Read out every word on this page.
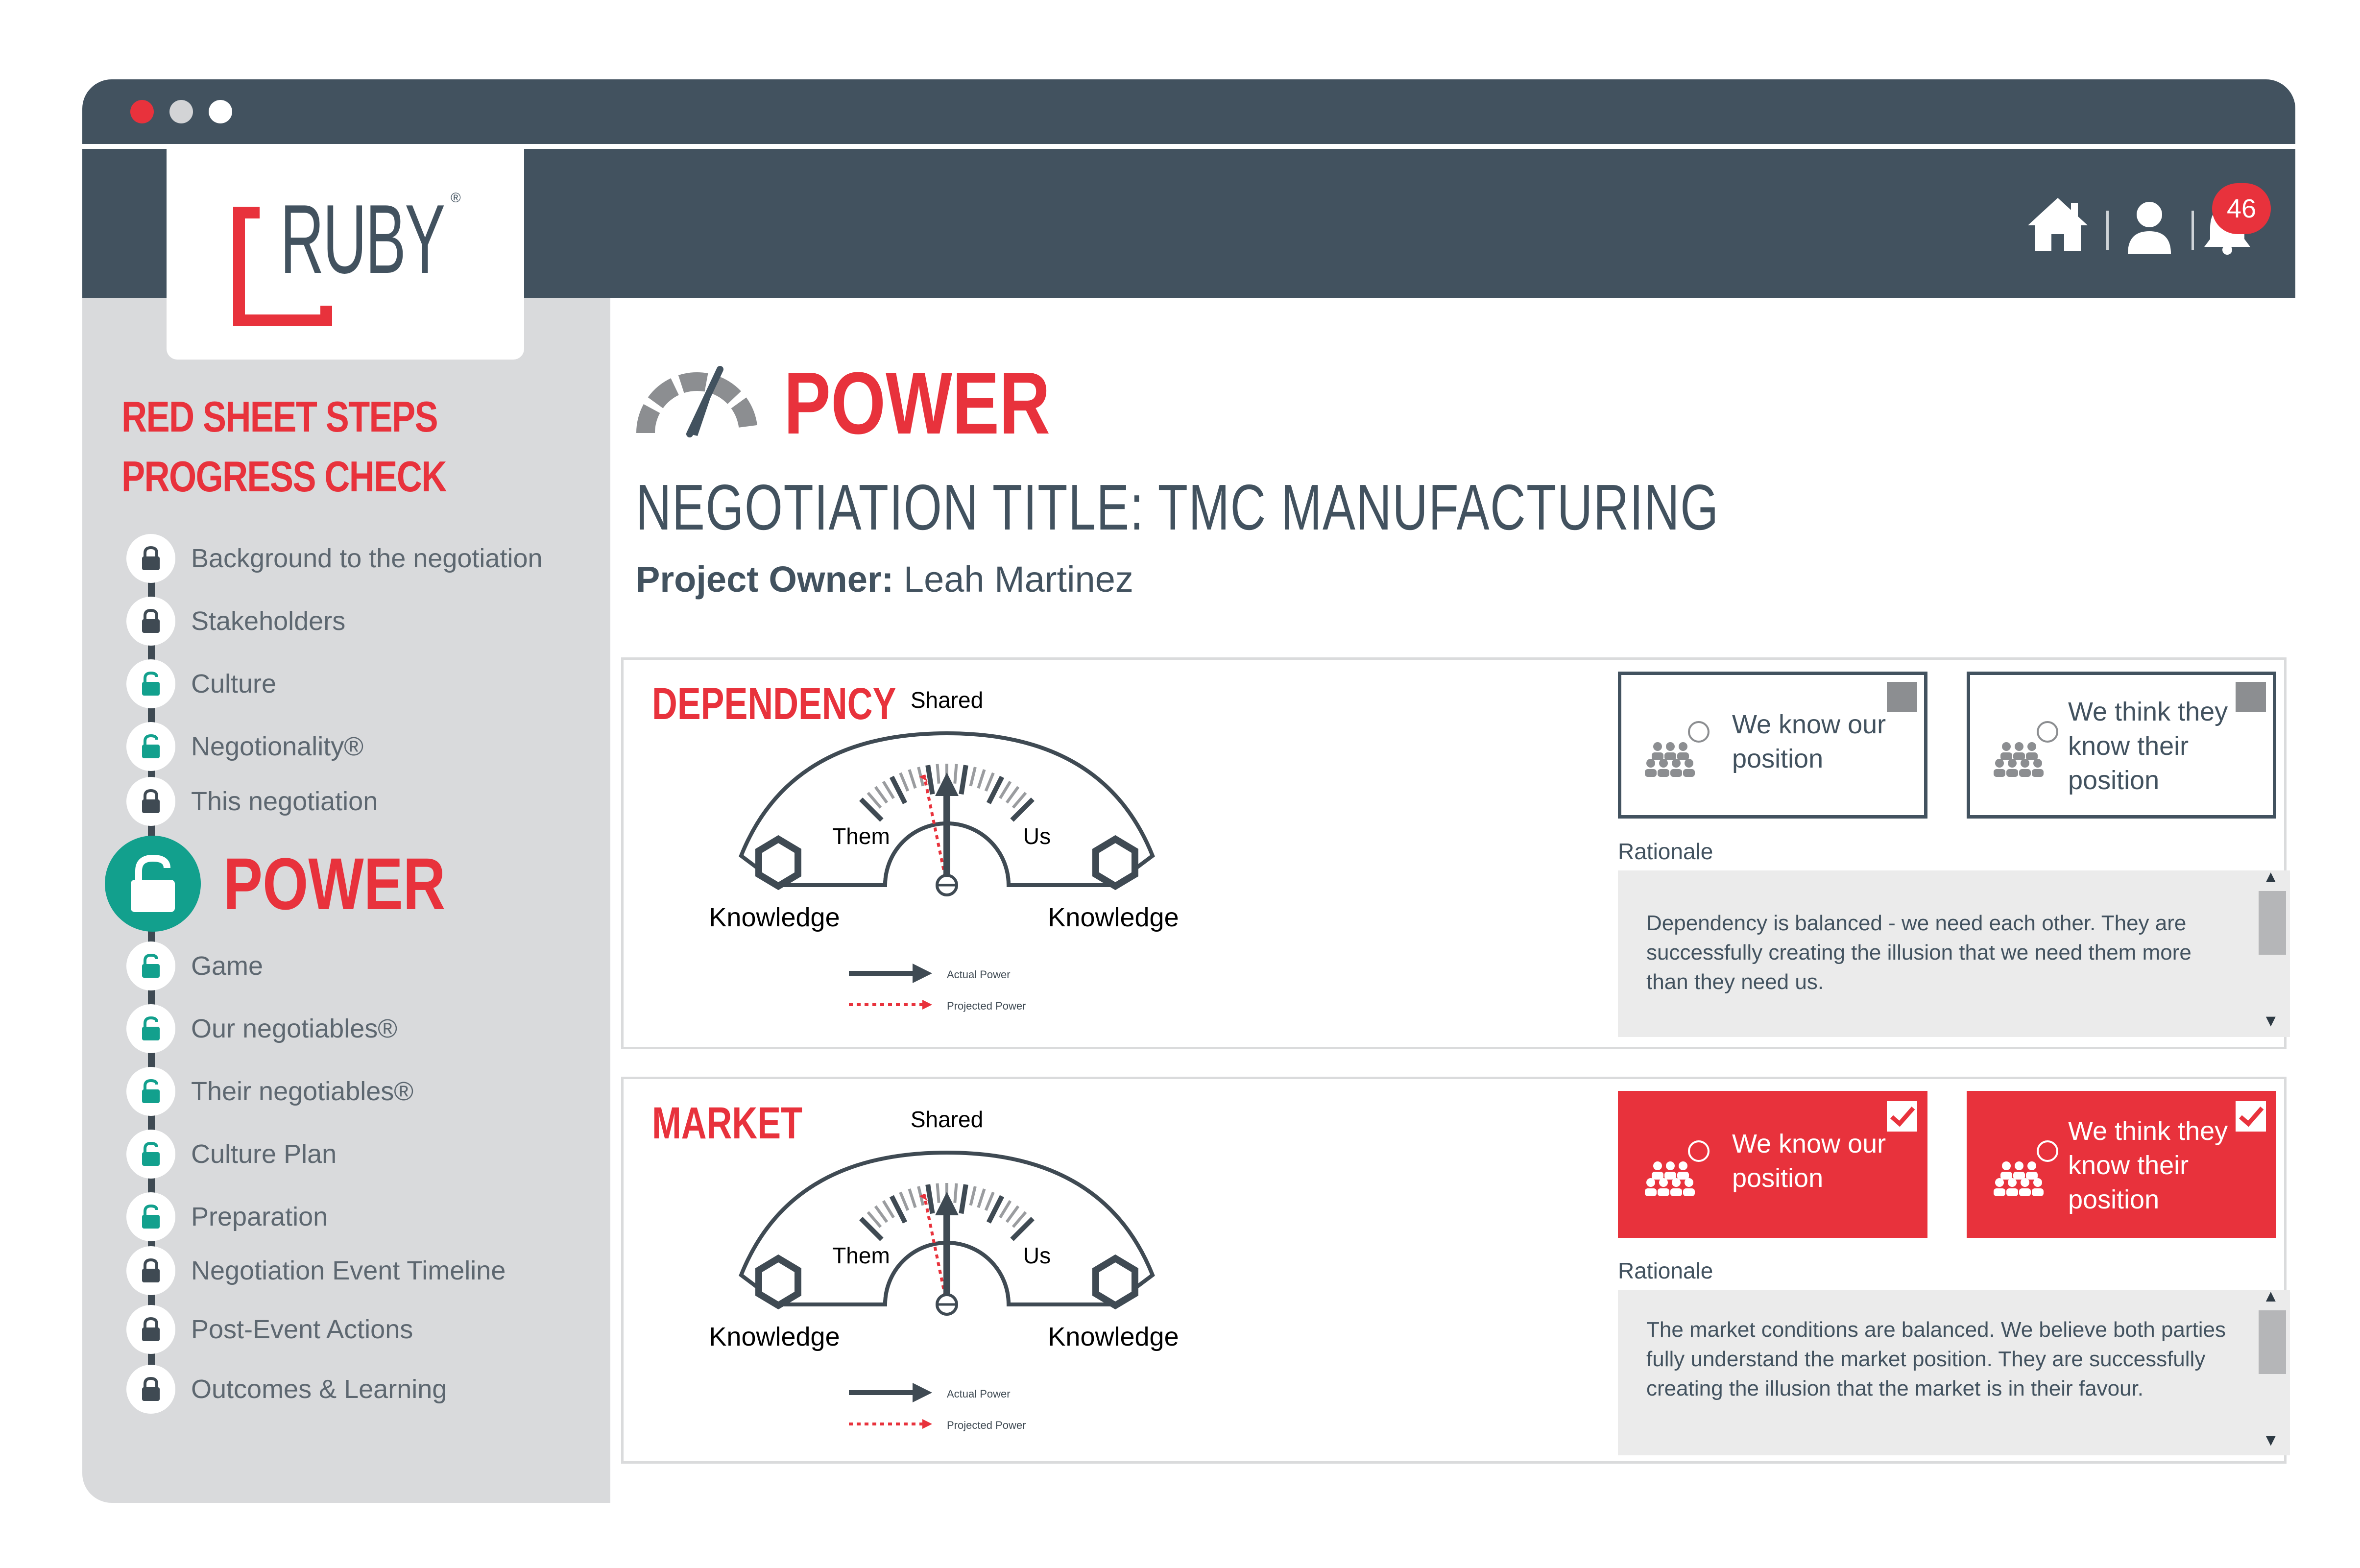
46
RUBY ®
RED SHEET STEPS
PROGRESS CHECK
Background to the negotiation
Stakeholders
Culture
Negotionality®
This negotiation
POWER
Game
Our negotiables®
Their negotiables®
Culture Plan
Preparation
Negotiation Event Timeline
Post-Event Actions
Outcomes & Learning
POWER
NEGOTIATION TITLE: TMC MANUFACTURING
Project Owner: Leah Martinez
DEPENDENCY Shared
Them	Us
Knowledge	Knowledge
Actual Power
Projected Power
We know our position
We think they know their position
Rationale
Dependency is balanced - we need each other. They are successfully creating the illusion that we need them more than they need us.
▲
▼
MARKET	Shared
Them	Us
Knowledge	Knowledge
Actual Power
Projected Power
We know our position
We think they know their position
Rationale
The market conditions are balanced. We believe both parties fully understand the market position. They are successfully creating the illusion that the market is in their favour.
▲
▼
